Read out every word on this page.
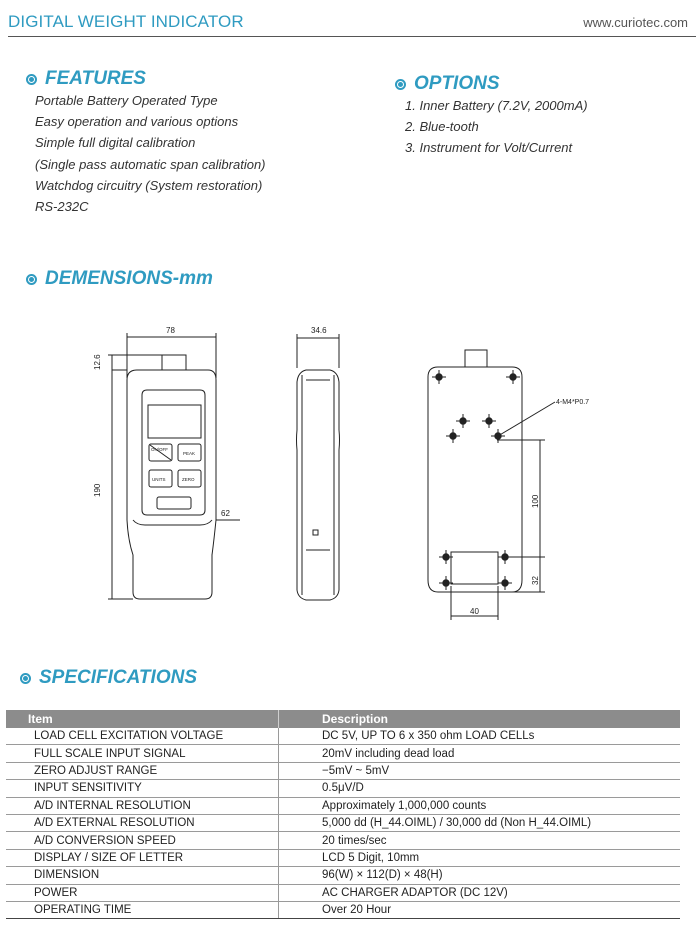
DIGITAL WEIGHT INDICATOR	www.curiotec.com
FEATURES
Portable Battery Operated Type
Easy operation and various options
Simple full digital calibration
(Single pass automatic span calibration)
Watchdog circuitry (System restoration)
RS-232C
OPTIONS
1. Inner Battery (7.2V, 2000mA)
2. Blue-tooth
3. Instrument for Volt/Current
DEMENSIONS-mm
78
12.6
190
62
34.6
4-M4*P0.7
100
32
40
ON/OFF
PEAK
UNITS	ZERO
SPECIFICATIONS
Item	Description
LOAD CELL EXCITATION VOLTAGE	DC 5V, UP TO 6 x 350 ohm LOAD CELLs
FULL SCALE INPUT SIGNAL	20mV including dead load
ZERO ADJUST RANGE	−5mV ~ 5mV
INPUT SENSITIVITY	0.5μV/D
A/D INTERNAL RESOLUTION	Approximately 1,000,000 counts
A/D EXTERNAL RESOLUTION	5,000 dd (H_44.OIML) / 30,000 dd (Non H_44.OIML)
A/D CONVERSION SPEED	20 times/sec
DISPLAY / SIZE OF LETTER	LCD 5 Digit, 10mm
DIMENSION	96(W) × 112(D) × 48(H)
POWER	AC CHARGER ADAPTOR (DC 12V)
OPERATING TIME	Over 20 Hour
